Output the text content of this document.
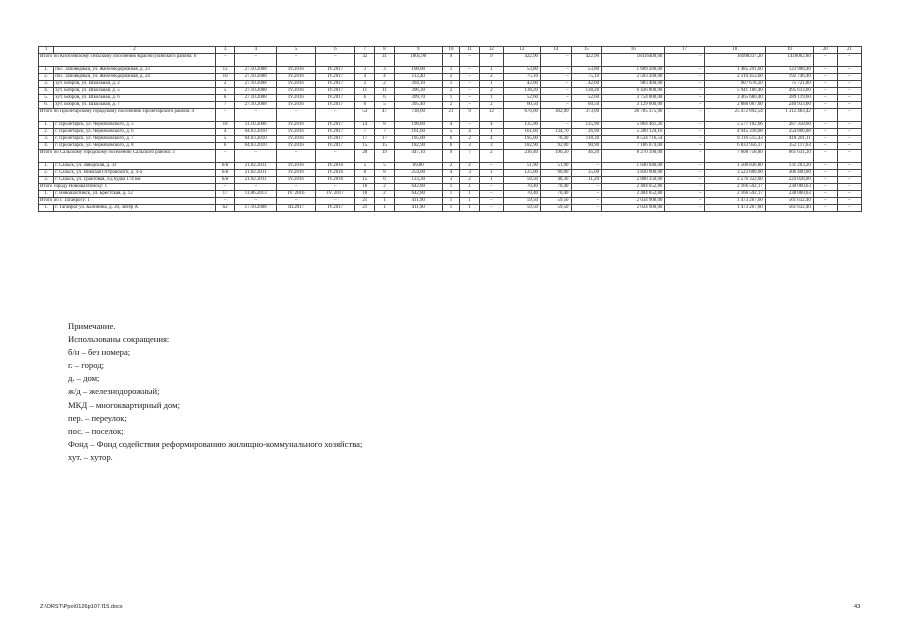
1	2	3	4	5	6	7	8	9	10	11	12	13	14	15	16	17	18	19	20	21
Итого по Киселевскому сельскому поселению Красносулинского района: 6		–	–	–	–	32	31	1805,90	9	–	9	422,90	–	422,90	18416400,00	–	16998337,20	1418062,80	–	–
1.	пос. Заповедный, ул. Железнодорожная, д. 23	12	27.10.2008	IV.2016	IV.2017	3	3	108,00	1	–	1	53,80	–	53,80	1 609 200,00	–	1 485 291,60	123 908,40	–	–
2.	пос. Заповедный, ул. Железнодорожная, д. 24	10	27.10.2008	IV.2016	IV.2017	4	4	112,40	2	–	2	75,10	–	75,10	2 503 200,00	–	2 310 453,60	192 746,40	–	–
3.	хут. Бобров, ул. Школьная, д. 2	2	27.10.2008	IV.2016	IV.2017	2	2	394,10	1	–	1	42,60	–	42,60	983 400,00	–	907 678,20	75 721,80	–	–
4.	хут. Бобров, ул. Школьная, д. 5	5	27.10.2008	IV.2016	IV.2017	11	11	396,30	2	–	2	138,20	–	138,20	6 436 800,00	–	5 941 166,40	495 633,60	–	–
5.	хут. Бобров, ул. Школьная, д. 6	6	27.10.2008	IV.2016	IV.2017	6	6	399,70	1	–	1	52,60	–	52,60	3 754 800,00	–	3 465 680,40	289 119,60	–	–
6.	хут. Бобров, ул. Школьная, д. 7	7	27.10.2008	IV.2016	IV.2017	6	5	395,40	2	–	2	60,50	–	60,50	3 129 000,00	–	2 888 067,00	240 933,00	–	–
Итого по Пролетарскому городскому поселению Пролетарского района: 4		–	–	–	–	53	47	738,00	21	9	12	676,00	302,00	373,00	26 785 375,96	–	25 472 892,54	1 312 483,42	–	–
1.	г. Пролетарск, ул. Черняховского, д. 5	18	11.10.2006	IV.2016	IV.2017	14	8	198,80	4	–	4	135,90	–	135,90	5 864 461,26	–	5 577 102,66	287 358,60	–	–
2.	г. Пролетарск, ул. Черняховского, д. 6	4	04.03.2010	IV.2016	IV.2017	7	7	161,60	5	4	1	161,60	134,70	26,90	5 200 124,16	–	4 945 318,08	254 806,08	–	–
3.	г. Пролетарск, ул. Черняховского, д. 7	5	04.03.2010	IV.2016	IV.2017	17	17	195,00	6	2	4	195,00	76,30	118,30	8 534 716,54	–	8 116 515,43	418 201,11	–	–
4.	г. Пролетарск, ул. Черняховского, д. 8	6	04.03.2010	IV.2016	IV.2017	15	15	182,90	6	3	3	182,90	92,00	90,90	7 186 074,00	–	6 833 956,37	352 117,63	–	–
Итого по Сальскому городскому поселению Сальского района: 3		–	–	–	–	28	19	447,10	9	7	2	236,40	190,20	46,20	8 270 390,00	–	7 608 758,80	661 631,20	–	–
1.	г. Сальск, ул. Заводская, д. 33	б/н	21.02.2011	IV.2016	IV.2016	5	5	69,80	2	2	–	51,90	51,90	–	1 640 040,00	–	1 508 836,80	131 203,20	–	–
2.	г. Сальск, ул. Николая Островского, д. 4-a	б/н	21.02.2011	IV.2016	IV.2016	8	8	254,00	4	3	1	125,00	90,00	35,00	3 830 000,00	–	3 523 600,00	306 400,00	–	–
3.	г. Сальск, ул. Трактовая, з/д будка 174 км	б/н	21.02.2011	IV.2016	IV.2016	15	6	123,30	3	2	1	59,50	48,30	11,20	2 800 350,00	–	2 576 322,00	224 028,00	–	–
Итого городу Новошахтинску: 1		–	–	–	–	18	2	642,80	1	1	–	70,40	70,40	–	2 404 652,80	–	2 166 592,17	238 060,63	–	–
1.	г. Новошахтинск, ул. Брестская, д. 12	17	11.06.2013	IV. 2016	IV. 2017	18	2	642,80	1	1	–	70,40	70,40	–	2 404 652,80	–	2 166 592,17	238 060,63	–	–
Итого по г. Таганрогу: 1		–	–	–	–	21	1	411,90	1	1	–	59,50	59,50	–	2 034 900,00	–	1 473 267,60	561 632,40	–	–
1.	г. Таганрог ул. Калинина, д. 20, литер А	62	17.10.2008	III.2017	IV.2017	21	1	411,90	1	1	–	59,50	59,50	–	2 034 900,00	–	1 473 267,60	561 632,40	–	–
Примечание.
Использованы сокращения:
б/н – без номера;
г. – город;
д. – дом;
ж/д – железнодорожный;
МКД – многоквартирный дом;
пер. – переулок;
пос. – поселок;
Фонд – Фонд содействия реформированию жилищно-коммунального хозяйства;
хут. – хутор.
Z:\ORST\Ppo\0126p107.f15.docx	43
